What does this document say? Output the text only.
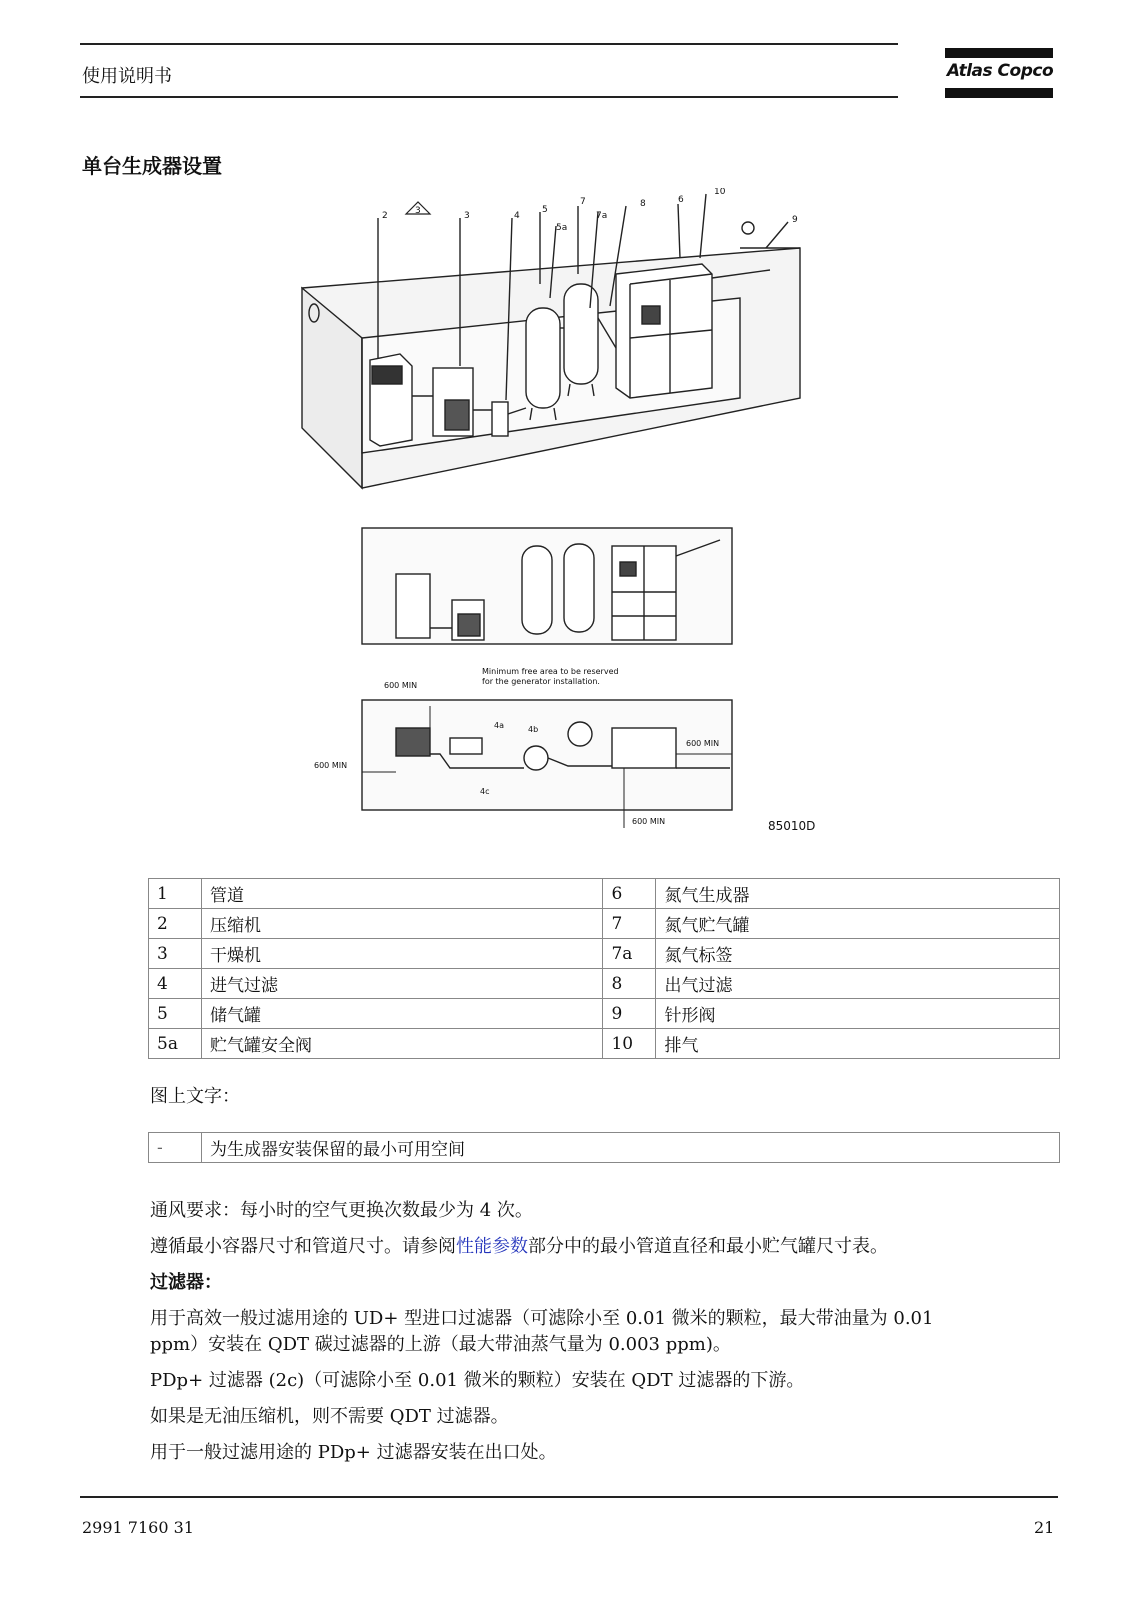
使用说明书	Atlas Copco
单台生成器设置
2	3	3	4
5
5a
7
7a
8	6
10
9
Minimum free area to be reserved
for the generator installation.
600 MIN
600 MIN
600 MIN
600 MIN
4a	4b
4c
85010D
1	管道	6	氮气生成器
2	压缩机	7	氮气贮气罐
3	干燥机	7a	氮气标签
4	进气过滤	8	出气过滤
5	储气罐	9	针形阀
5a	贮气罐安全阀	10	排气
图上文字：
-	为生成器安装保留的最小可用空间
通风要求：每小时的空气更换次数最少为 4 次。
遵循最小容器尺寸和管道尺寸。请参阅性能参数部分中的最小管道直径和最小贮气罐尺寸表。
过滤器：
用于高效一般过滤用途的 UD+ 型进口过滤器（可滤除小至 0.01 微米的颗粒，最大带油量为 0.01
ppm）安装在 QDT 碳过滤器的上游（最大带油蒸气量为 0.003 ppm)。
PDp+ 过滤器 (2c)（可滤除小至 0.01 微米的颗粒）安装在 QDT 过滤器的下游。
如果是无油压缩机，则不需要 QDT 过滤器。
用于一般过滤用途的 PDp+ 过滤器安装在出口处。
2991 7160 31	21
